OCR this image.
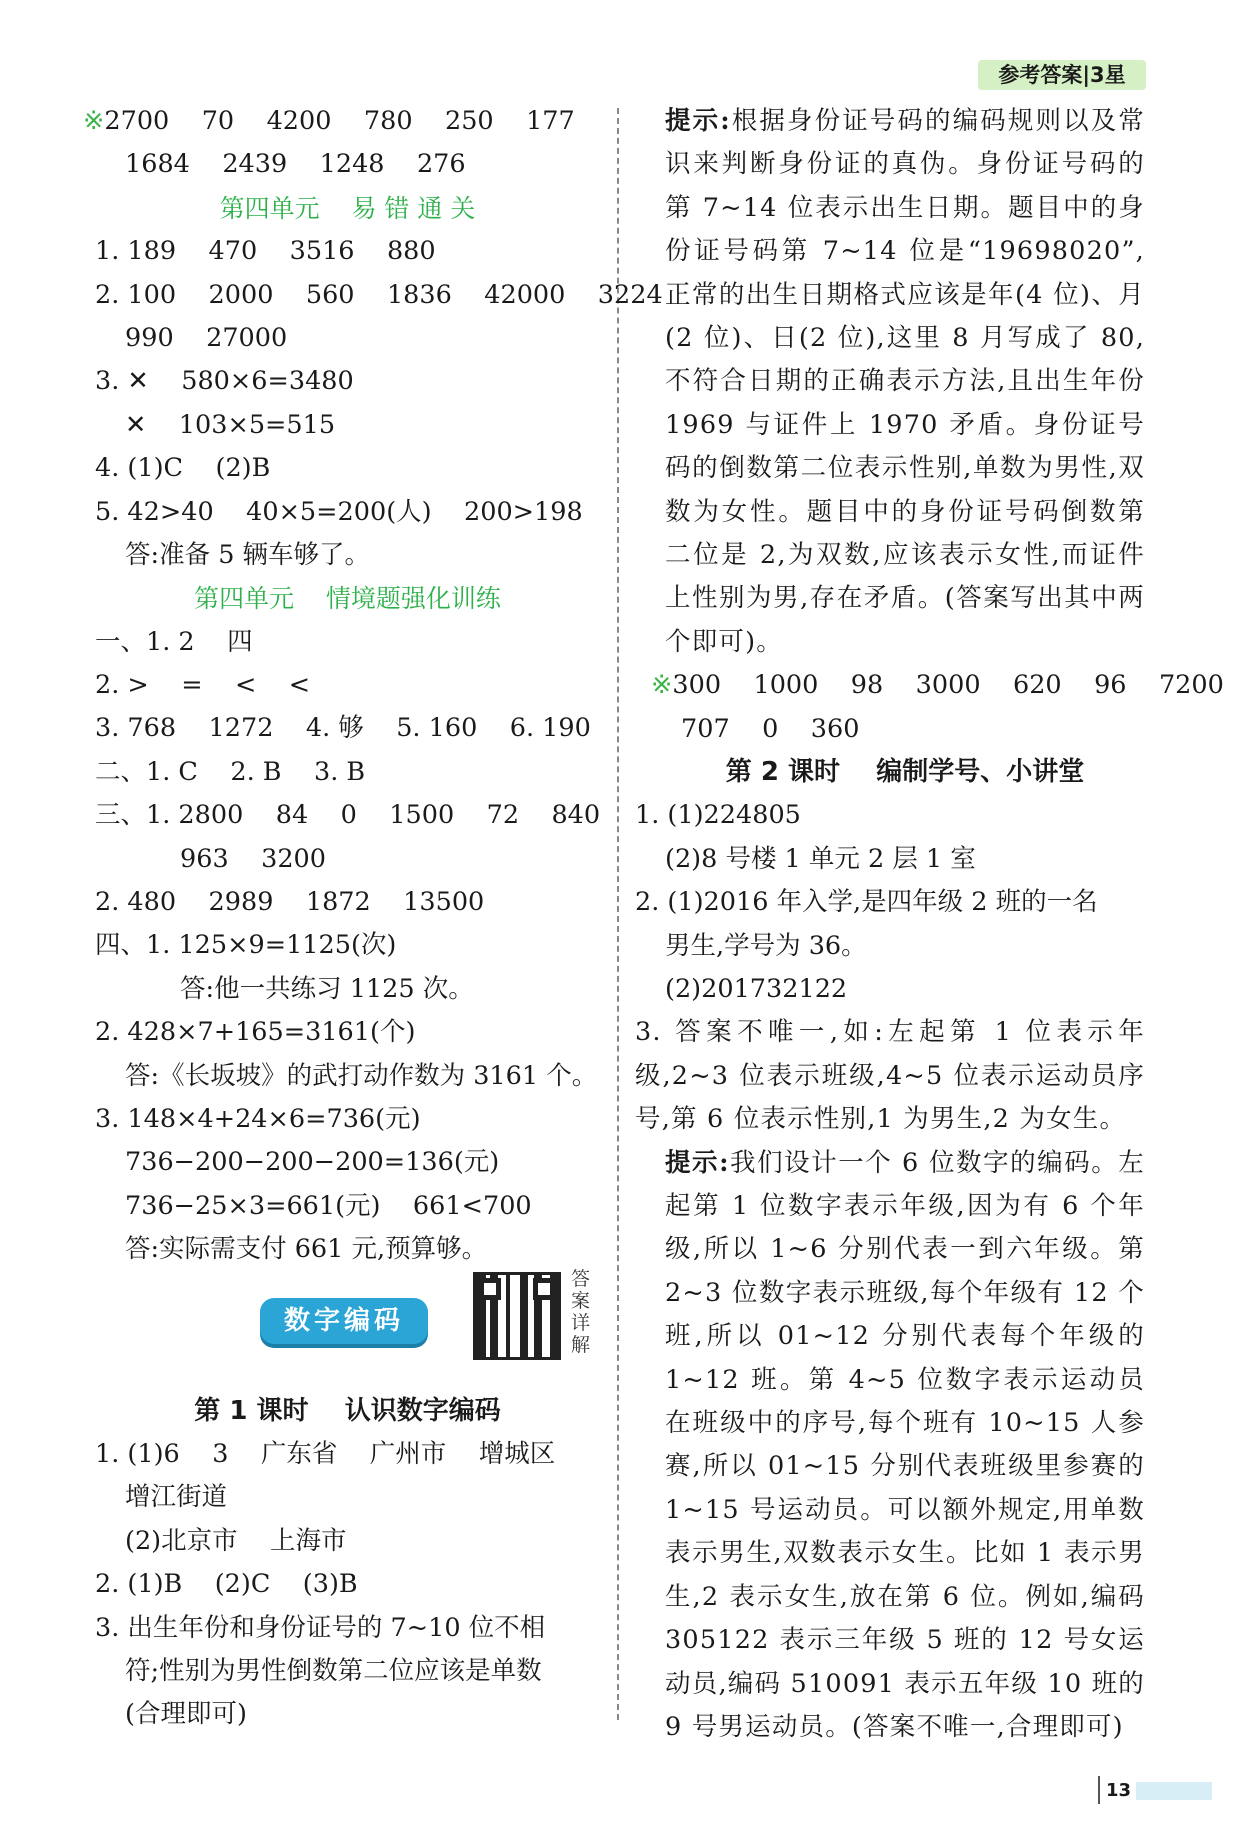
参考答案|3星
※2700    70    4200    780    250    177
1684    2439    1248    276
第四单元    易 错 通 关
1. 189    470    3516    880
2. 100    2000    560    1836    42000    3224
990    27000
3. ✕    580×6=3480
✕    103×5=515
4. (1)C    (2)B
5. 42>40    40×5=200(人)    200>198
答:准备 5 辆车够了。
第四单元    情境题强化训练
一、1. 2    四
2. >    =    <    <
3. 768    1272    4. 够    5. 160    6. 190
二、1. C    2. B    3. B
三、1. 2800    84    0    1500    72    840
963    3200
2. 480    2989    1872    13500
四、1. 125×9=1125(次)
答:他一共练习 1125 次。
2. 428×7+165=3161(个)
答:《长坂坡》的武打动作数为 3161 个。
3. 148×4+24×6=736(元)
736−200−200−200=136(元)
736−25×3=661(元)    661<700
答:实际需支付 661 元,预算够。
数字编码
答案详解
第 1 课时    认识数字编码
1. (1)6    3    广东省    广州市    增城区
增江街道
(2)北京市    上海市
2. (1)B    (2)C    (3)B
3. 出生年份和身份证号的 7~10 位不相
符;性别为男性倒数第二位应该是单数
(合理即可)
提示:根据身份证号码的编码规则以及常识来判断身份证的真伪。身份证号码的第 7~14 位表示出生日期。题目中的身份证号码第 7~14 位是“19698020”,正常的出生日期格式应该是年(4 位)、月(2 位)、日(2 位),这里 8 月写成了 80,不符合日期的正确表示方法,且出生年份 1969 与证件上 1970 矛盾。身份证号码的倒数第二位表示性别,单数为男性,双数为女性。题目中的身份证号码倒数第二位是 2,为双数,应该表示女性,而证件上性别为男,存在矛盾。(答案写出其中两个即可)。
※300    1000    98    3000    620    96    7200
707    0    360
第 2 课时    编制学号、小讲堂
1. (1)224805
(2)8 号楼 1 单元 2 层 1 室
2. (1)2016 年入学,是四年级 2 班的一名
男生,学号为 36。
(2)201732122
3. 答案不唯一,如:左起第 1 位表示年级,2~3 位表示班级,4~5 位表示运动员序号,第 6 位表示性别,1 为男生,2 为女生。
提示:我们设计一个 6 位数字的编码。左起第 1 位数字表示年级,因为有 6 个年级,所以 1~6 分别代表一到六年级。第 2~3 位数字表示班级,每个年级有 12 个班,所以 01~12 分别代表每个年级的 1~12 班。第 4~5 位数字表示运动员在班级中的序号,每个班有 10~15 人参赛,所以 01~15 分别代表班级里参赛的 1~15 号运动员。可以额外规定,用单数表示男生,双数表示女生。比如 1 表示男生,2 表示女生,放在第 6 位。例如,编码 305122 表示三年级 5 班的 12 号女运动员,编码 510091 表示五年级 10 班的 9 号男运动员。(答案不唯一,合理即可)
13
